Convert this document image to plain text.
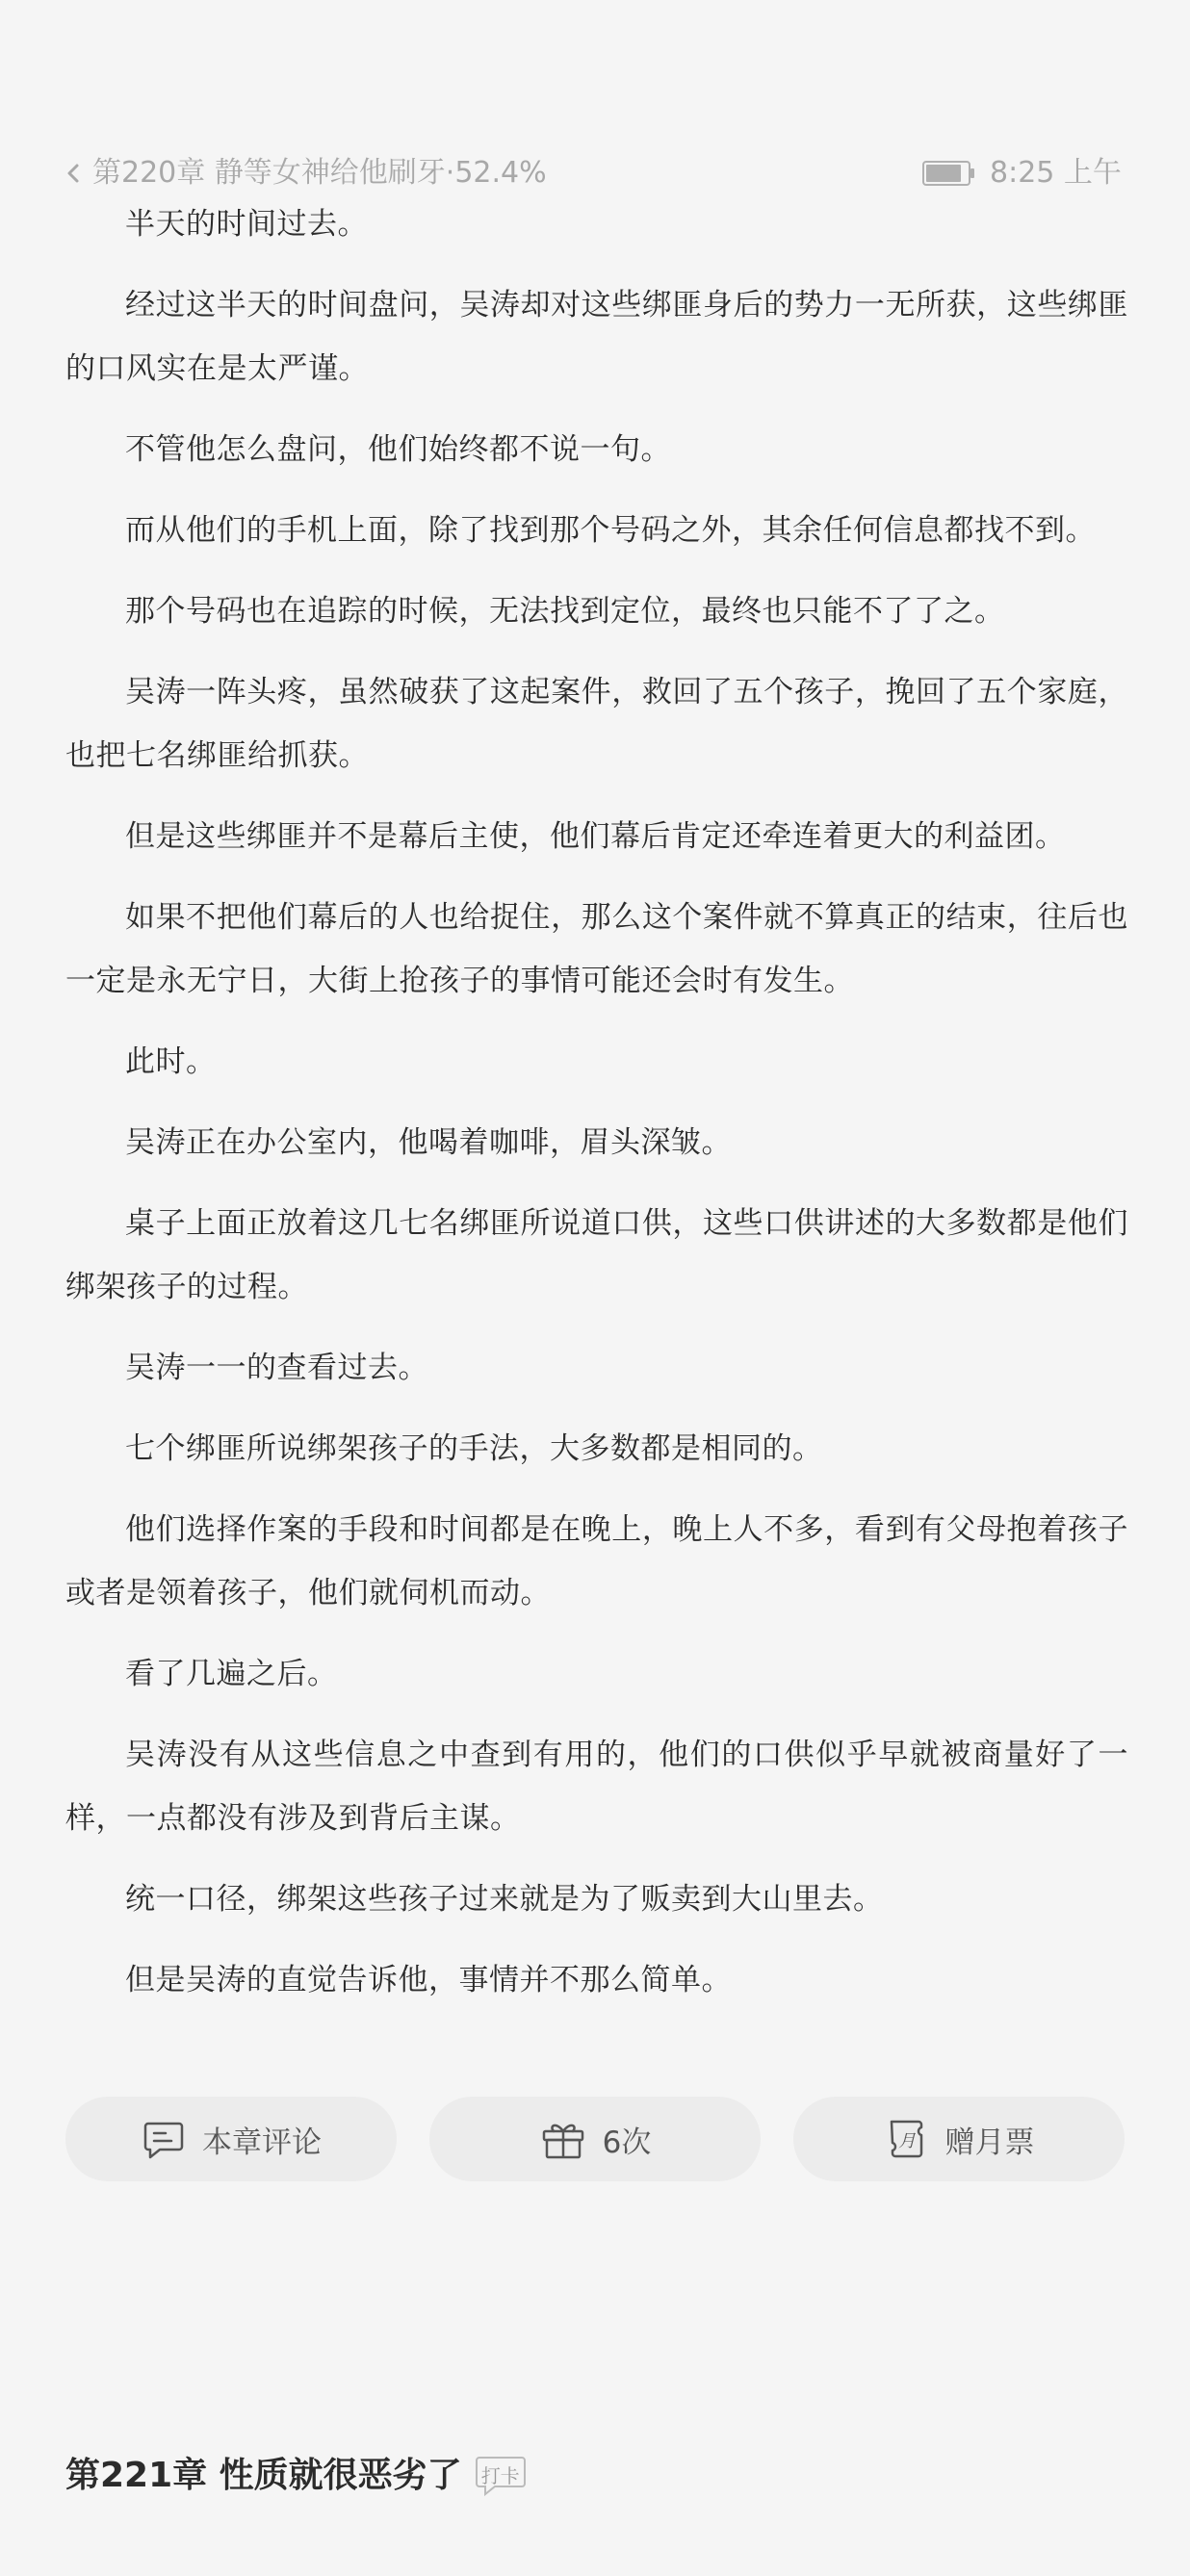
第220章 静等女神给他刷牙·52.4%	8:25 上午

半天的时间过去。

经过这半天的时间盘问，吴涛却对这些绑匪身后的势力一无所获，这些绑匪的口风实在是太严谨。

不管他怎么盘问，他们始终都不说一句。

而从他们的手机上面，除了找到那个号码之外，其余任何信息都找不到。

那个号码也在追踪的时候，无法找到定位，最终也只能不了了之。

吴涛一阵头疼，虽然破获了这起案件，救回了五个孩子，挽回了五个家庭，也把七名绑匪给抓获。

但是这些绑匪并不是幕后主使，他们幕后肯定还牵连着更大的利益团。

如果不把他们幕后的人也给捉住，那么这个案件就不算真正的结束，往后也一定是永无宁日，大街上抢孩子的事情可能还会时有发生。

此时。

吴涛正在办公室内，他喝着咖啡，眉头深皱。

桌子上面正放着这几七名绑匪所说道口供，这些口供讲述的大多数都是他们绑架孩子的过程。

吴涛一一的查看过去。

七个绑匪所说绑架孩子的手法，大多数都是相同的。

他们选择作案的手段和时间都是在晚上，晚上人不多，看到有父母抱着孩子或者是领着孩子，他们就伺机而动。

看了几遍之后。

吴涛没有从这些信息之中查到有用的，他们的口供似乎早就被商量好了一样，一点都没有涉及到背后主谋。

统一口径，绑架这些孩子过来就是为了贩卖到大山里去。

但是吴涛的直觉告诉他，事情并不那么简单。

本章评论	6次	月 赠月票
第221章 性质就很恶劣了	打卡
